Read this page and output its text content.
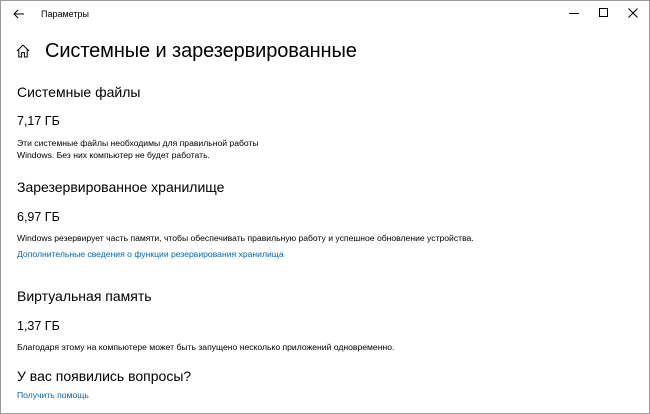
Параметры
Системные и зарезервированные
Системные файлы
7,17 ГБ
Эти системные файлы необходимы для правильной работы
Windows. Без них компьютер не будет работать.
Зарезервированное хранилище
6,97 ГБ
Windows резервирует часть памяти, чтобы обеспечивать правильную работу и успешное обновление устройства.
Дополнительные сведения о функции резервирования хранилища
Виртуальная память
1,37 ГБ
Благодаря этому на компьютере может быть запущено несколько приложений одновременно.
У вас появились вопросы?
Получить помощь
